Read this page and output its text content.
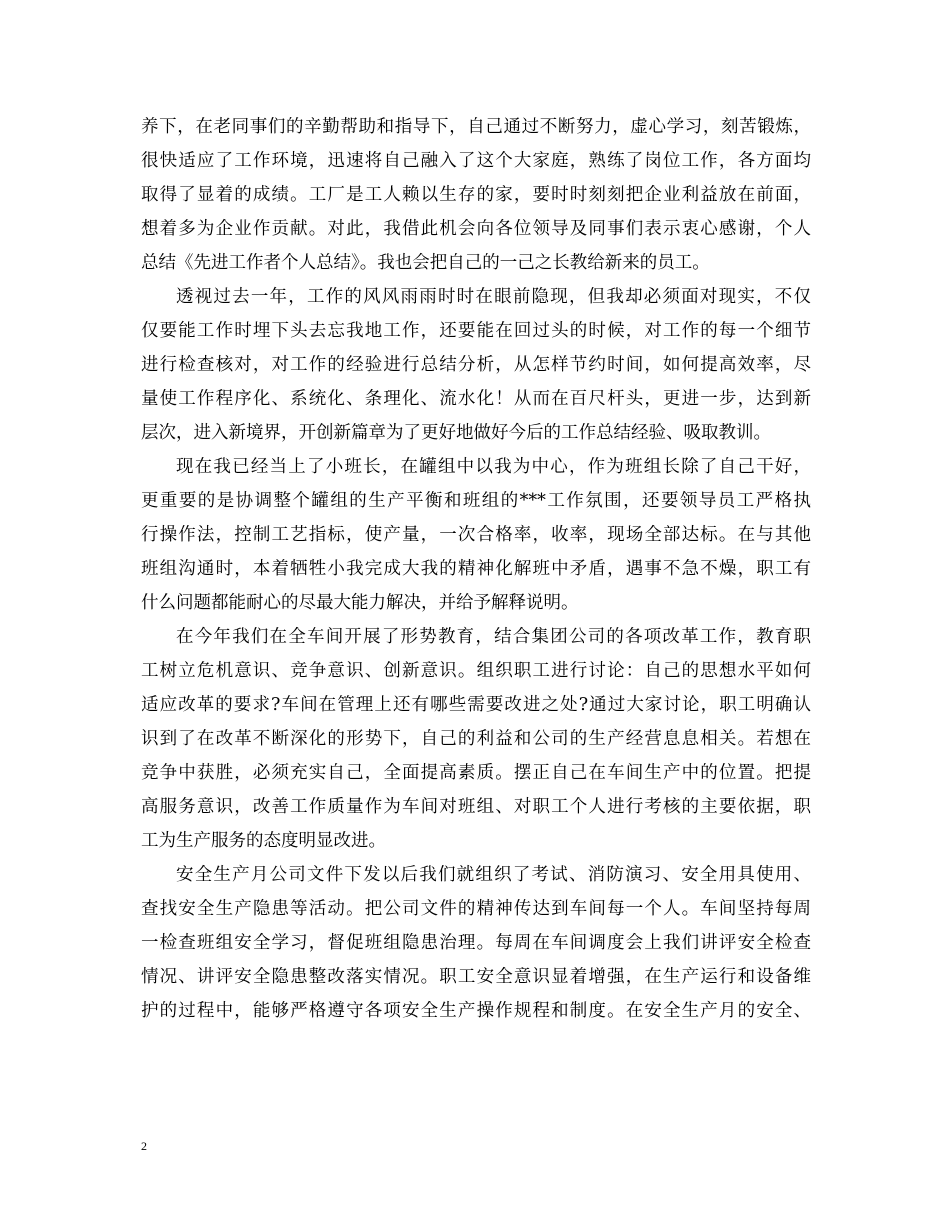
养下，在老同事们的辛勤帮助和指导下，自己通过不断努力，虚心学习，刻苦锻炼，
很快适应了工作环境，迅速将自己融入了这个大家庭，熟练了岗位工作，各方面均
取得了显着的成绩。工厂是工人赖以生存的家，要时时刻刻把企业利益放在前面，
想着多为企业作贡献。对此，我借此机会向各位领导及同事们表示衷心感谢，个人
总结《先进工作者个人总结》。我也会把自己的一己之长教给新来的员工。
透视过去一年，工作的风风雨雨时时在眼前隐现，但我却必须面对现实，不仅
仅要能工作时埋下头去忘我地工作，还要能在回过头的时候，对工作的每一个细节
进行检查核对，对工作的经验进行总结分析，从怎样节约时间，如何提高效率，尽
量使工作程序化、系统化、条理化、流水化！从而在百尺杆头，更进一步，达到新
层次，进入新境界，开创新篇章为了更好地做好今后的工作总结经验、吸取教训。
现在我已经当上了小班长，在罐组中以我为中心，作为班组长除了自己干好，
更重要的是协调整个罐组的生产平衡和班组的***工作氛围，还要领导员工严格执
行操作法，控制工艺指标，使产量，一次合格率，收率，现场全部达标。在与其他
班组沟通时，本着牺牲小我完成大我的精神化解班中矛盾，遇事不急不燥，职工有
什么问题都能耐心的尽最大能力解决，并给予解释说明。
在今年我们在全车间开展了形势教育，结合集团公司的各项改革工作，教育职
工树立危机意识、竞争意识、创新意识。组织职工进行讨论：自己的思想水平如何
适应改革的要求?车间在管理上还有哪些需要改进之处?通过大家讨论，职工明确认
识到了在改革不断深化的形势下，自己的利益和公司的生产经营息息相关。若想在
竞争中获胜，必须充实自己，全面提高素质。摆正自己在车间生产中的位置。把提
高服务意识，改善工作质量作为车间对班组、对职工个人进行考核的主要依据，职
工为生产服务的态度明显改进。
安全生产月公司文件下发以后我们就组织了考试、消防演习、安全用具使用、
查找安全生产隐患等活动。把公司文件的精神传达到车间每一个人。车间坚持每周
一检查班组安全学习，督促班组隐患治理。每周在车间调度会上我们讲评安全检查
情况、讲评安全隐患整改落实情况。职工安全意识显着增强，在生产运行和设备维
护的过程中，能够严格遵守各项安全生产操作规程和制度。在安全生产月的安全、
2
